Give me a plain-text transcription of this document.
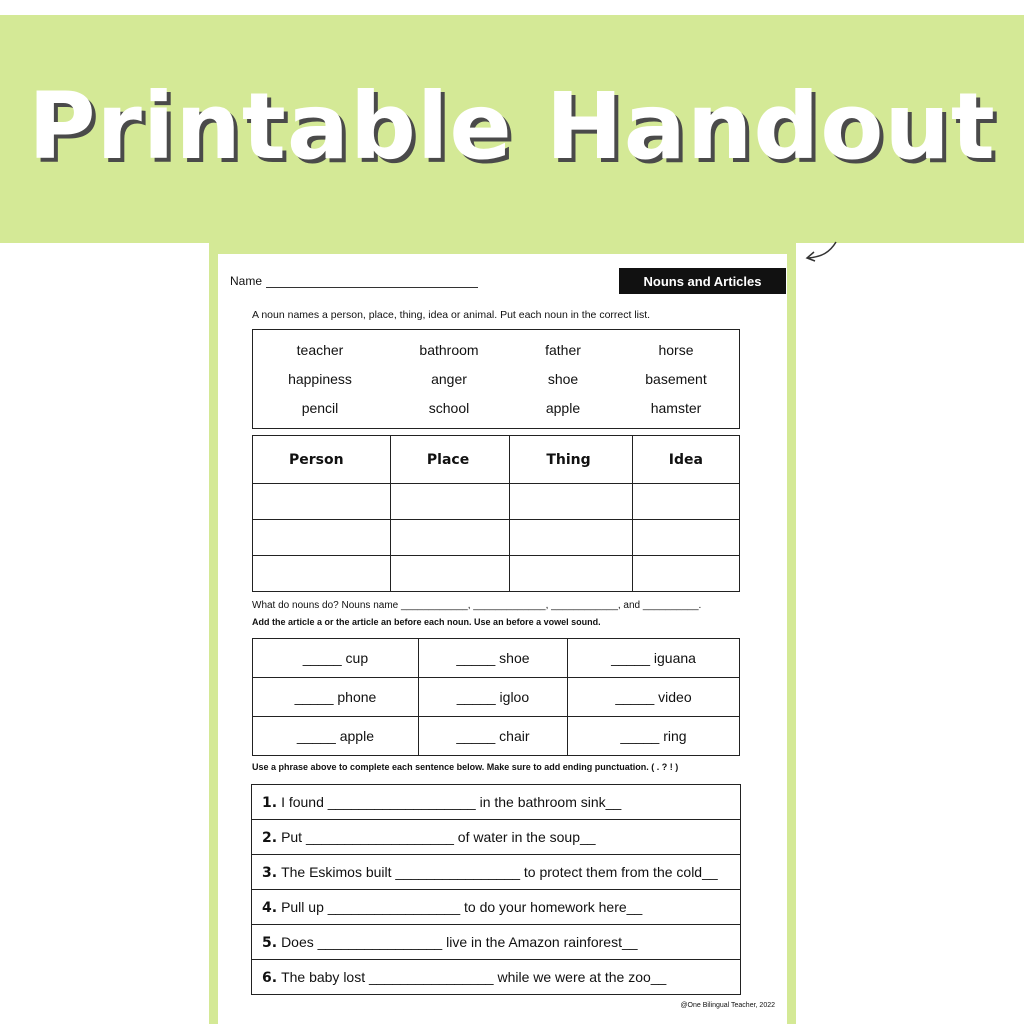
Printable Handout
Name	Nouns and Articles
A noun names a person, place, thing, idea or animal. Put each noun in the correct list.
teacher	bathroom	father	horse
happiness	anger	shoe	basement
pencil	school	apple	hamster
Person	Place	Thing	Idea

What do nouns do? Nouns name ____________, _____________, ____________, and __________.
Add the article a or the article an before each noun. Use an before a vowel sound.
_____ cup	_____ shoe	_____ iguana
_____ phone	_____ igloo	_____ video
_____ apple	_____ chair	_____ ring
Use a phrase above to complete each sentence below. Make sure to add ending punctuation. ( . ? ! )
1. I found ___________________ in the bathroom sink__
2. Put ___________________ of water in the soup__
3. The Eskimos built ________________ to protect them from the cold__
4. Pull up _________________ to do your homework here__
5. Does ________________ live in the Amazon rainforest__
6. The baby lost ________________ while we were at the zoo__
@One Bilingual Teacher, 2022
